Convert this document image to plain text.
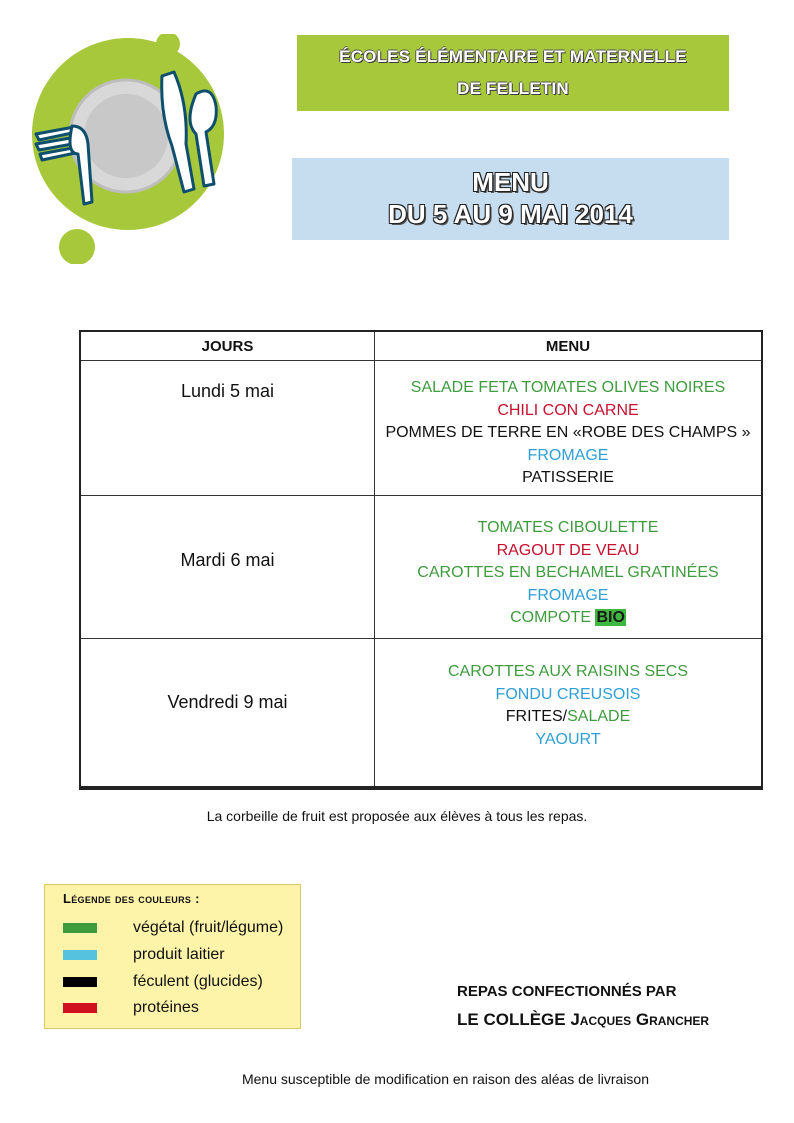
ÉCOLES ÉLÉMENTAIRE ET MATERNELLE
DE FELLETIN
MENU
DU 5 AU 9 MAI 2014
JOURS	MENU

Lundi 5 mai	SALADE FETA TOMATES OLIVES NOIRES
CHILI CON CARNE
POMMES DE TERRE EN «ROBE DES CHAMPS »
FROMAGE
PATISSERIE

Mardi 6 mai	TOMATES CIBOULETTE
RAGOUT DE VEAU
CAROTTES EN BECHAMEL GRATINÉES
FROMAGE
COMPOTE BIO

Vendredi 9 mai	CAROTTES AUX RAISINS SECS
FONDU CREUSOIS
FRITES/SALADE
YAOURT
La corbeille de fruit est proposée aux élèves à tous les repas.
Légende des couleurs :
végétal (fruit/légume)
produit laitier
féculent (glucides)
protéines
REPAS CONFECTIONNÉS PAR
LE COLLÈGE Jacques Grancher
Menu susceptible de modification en raison des aléas de livraison
